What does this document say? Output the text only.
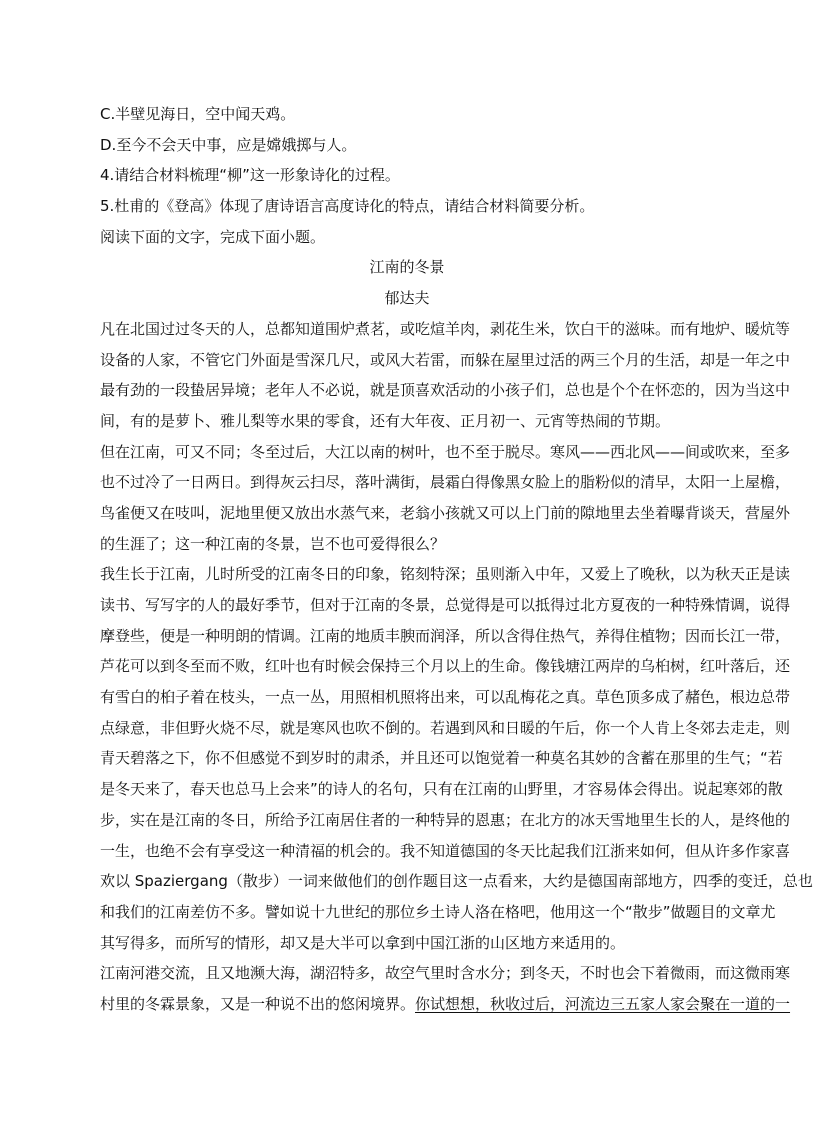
C.半壁见海日，空中闻天鸡。
D.至今不会天中事，应是嫦娥掷与人。
4.请结合材料梳理“柳”这一形象诗化的过程。
5.杜甫的《登高》体现了唐诗语言高度诗化的特点，请结合材料简要分析。
阅读下面的文字，完成下面小题。
江南的冬景
郁达夫
凡在北国过过冬天的人，总都知道围炉煮茗，或吃煊羊肉，剥花生米，饮白干的滋味。而有地炉、暖炕等
设备的人家，不管它门外面是雪深几尺，或风大若雷，而躲在屋里过活的两三个月的生活，却是一年之中
最有劲的一段蛰居异境；老年人不必说，就是顶喜欢活动的小孩子们，总也是个个在怀恋的，因为当这中
间，有的是萝卜、雅儿梨等水果的零食，还有大年夜、正月初一、元宵等热闹的节期。
但在江南，可又不同；冬至过后，大江以南的树叶，也不至于脱尽。寒风——西北风——间或吹来，至多
也不过冷了一日两日。到得灰云扫尽，落叶满街，晨霜白得像黑女脸上的脂粉似的清早，太阳一上屋檐，
鸟雀便又在吱叫，泥地里便又放出水蒸气来，老翁小孩就又可以上门前的隙地里去坐着曝背谈天，营屋外
的生涯了；这一种江南的冬景，岂不也可爱得很么？
我生长于江南，儿时所受的江南冬日的印象，铭刻特深；虽则渐入中年，又爱上了晚秋，以为秋天正是读
读书、写写字的人的最好季节，但对于江南的冬景，总觉得是可以抵得过北方夏夜的一种特殊情调，说得
摩登些，便是一种明朗的情调。江南的地质丰腴而润泽，所以含得住热气，养得住植物；因而长江一带，
芦花可以到冬至而不败，红叶也有时候会保持三个月以上的生命。像钱塘江两岸的乌桕树，红叶落后，还
有雪白的桕子着在枝头，一点一丛，用照相机照将出来，可以乱梅花之真。草色顶多成了赭色，根边总带
点绿意，非但野火烧不尽，就是寒风也吹不倒的。若遇到风和日暖的午后，你一个人肯上冬郊去走走，则
青天碧落之下，你不但感觉不到岁时的肃杀，并且还可以饱觉着一种莫名其妙的含蓄在那里的生气；“若
是冬天来了，春天也总马上会来”的诗人的名句，只有在江南的山野里，才容易体会得出。说起寒郊的散
步，实在是江南的冬日，所给予江南居住者的一种特异的恩惠；在北方的冰天雪地里生长的人，是终他的
一生，也绝不会有享受这一种清福的机会的。我不知道德国的冬天比起我们江浙来如何，但从许多作家喜
欢以 Spaziergang（散步）一词来做他们的创作题目这一点看来，大约是德国南部地方，四季的变迁，总也
和我们的江南差仿不多。譬如说十九世纪的那位乡土诗人洛在格吧，他用这一个“散步”做题目的文章尤
其写得多，而所写的情形，却又是大半可以拿到中国江浙的山区地方来适用的。
江南河港交流，且又地濒大海，湖沼特多，故空气里时含水分；到冬天，不时也会下着微雨，而这微雨寒
村里的冬霖景象，又是一种说不出的悠闲境界。你试想想，秋收过后，河流边三五家人家会聚在一道的一
